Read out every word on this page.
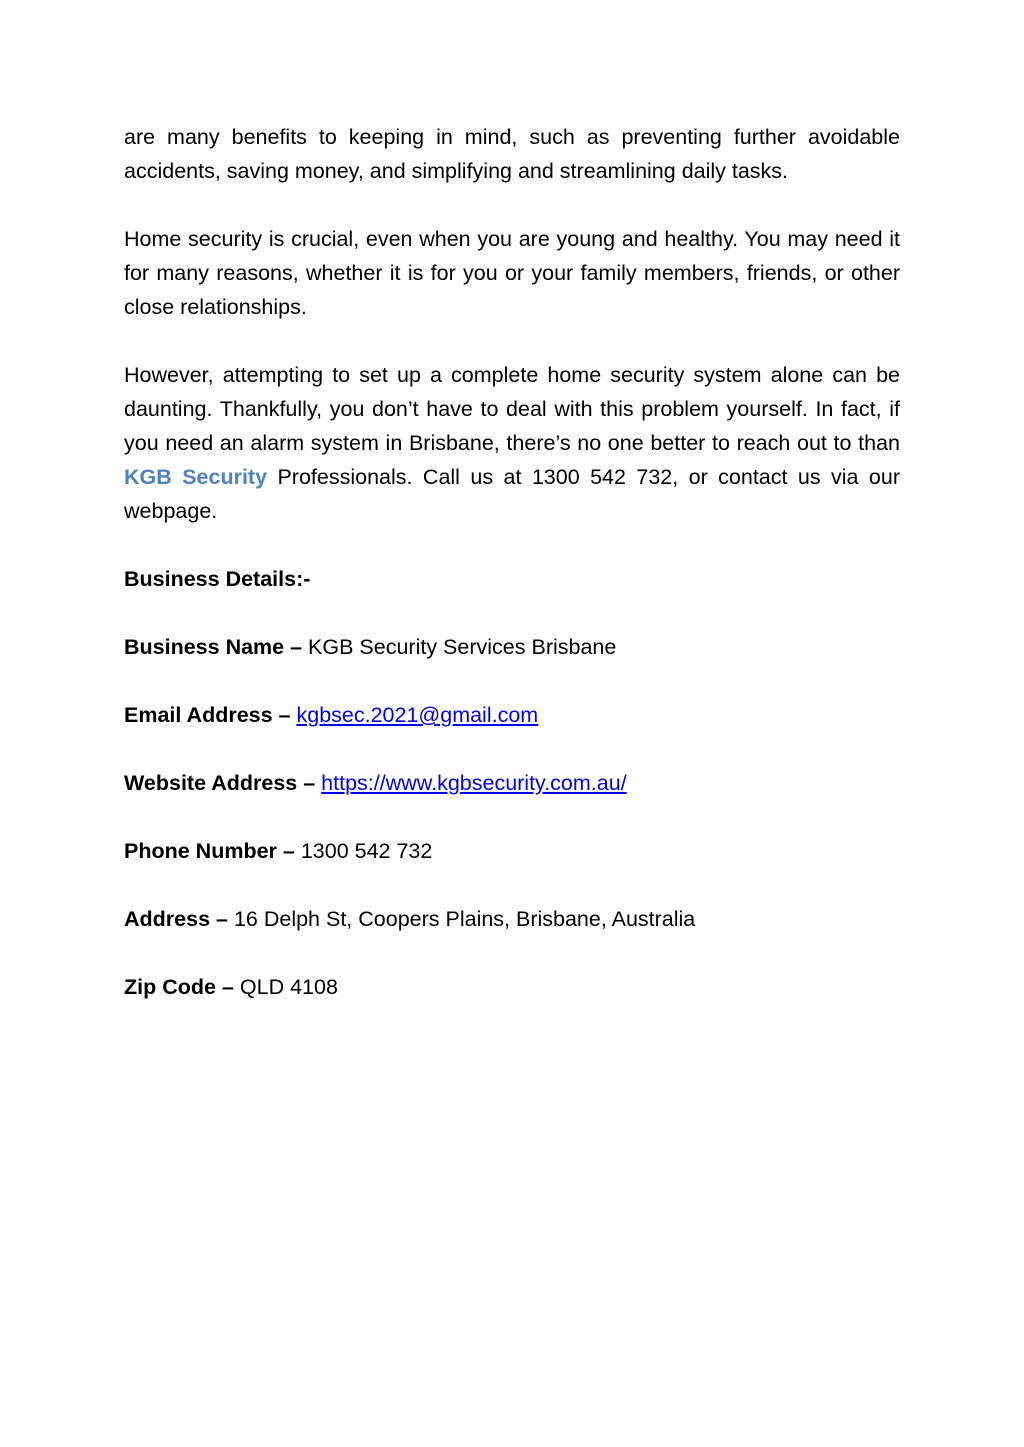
are many benefits to keeping in mind, such as preventing further avoidable accidents, saving money, and simplifying and streamlining daily tasks.

Home security is crucial, even when you are young and healthy. You may need it for many reasons, whether it is for you or your family members, friends, or other close relationships.

However, attempting to set up a complete home security system alone can be daunting. Thankfully, you don’t have to deal with this problem yourself. In fact, if you need an alarm system in Brisbane, there’s no one better to reach out to than KGB Security Professionals. Call us at 1300 542 732, or contact us via our webpage.

Business Details:-
Business Name – KGB Security Services Brisbane
Email Address – kgbsec.2021@gmail.com
Website Address – https://www.kgbsecurity.com.au/
Phone Number – 1300 542 732
Address – 16 Delph St, Coopers Plains, Brisbane, Australia
Zip Code – QLD 4108
